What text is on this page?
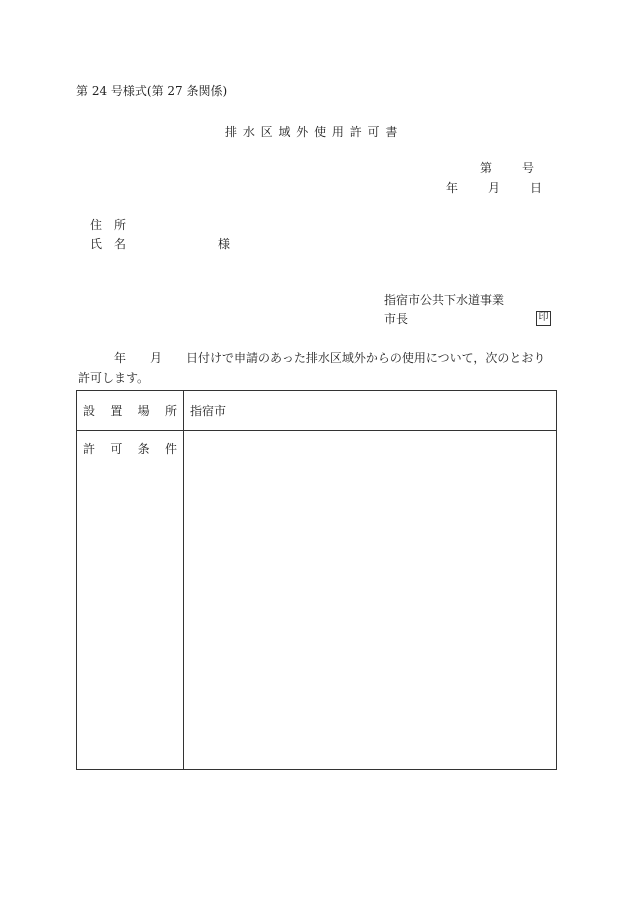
第 24 号様式(第 27 条関係)
排 水 区 域 外 使 用 許 可 書
第　　号
年　　月　　日
住　所
氏　名	様
指宿市公共下水道事業
市長	印
　　　年　　月　　日付けで申請のあった排水区域外からの使用について，次のとおり許可します。
設 置 場 所	指宿市

許 可 条 件	
